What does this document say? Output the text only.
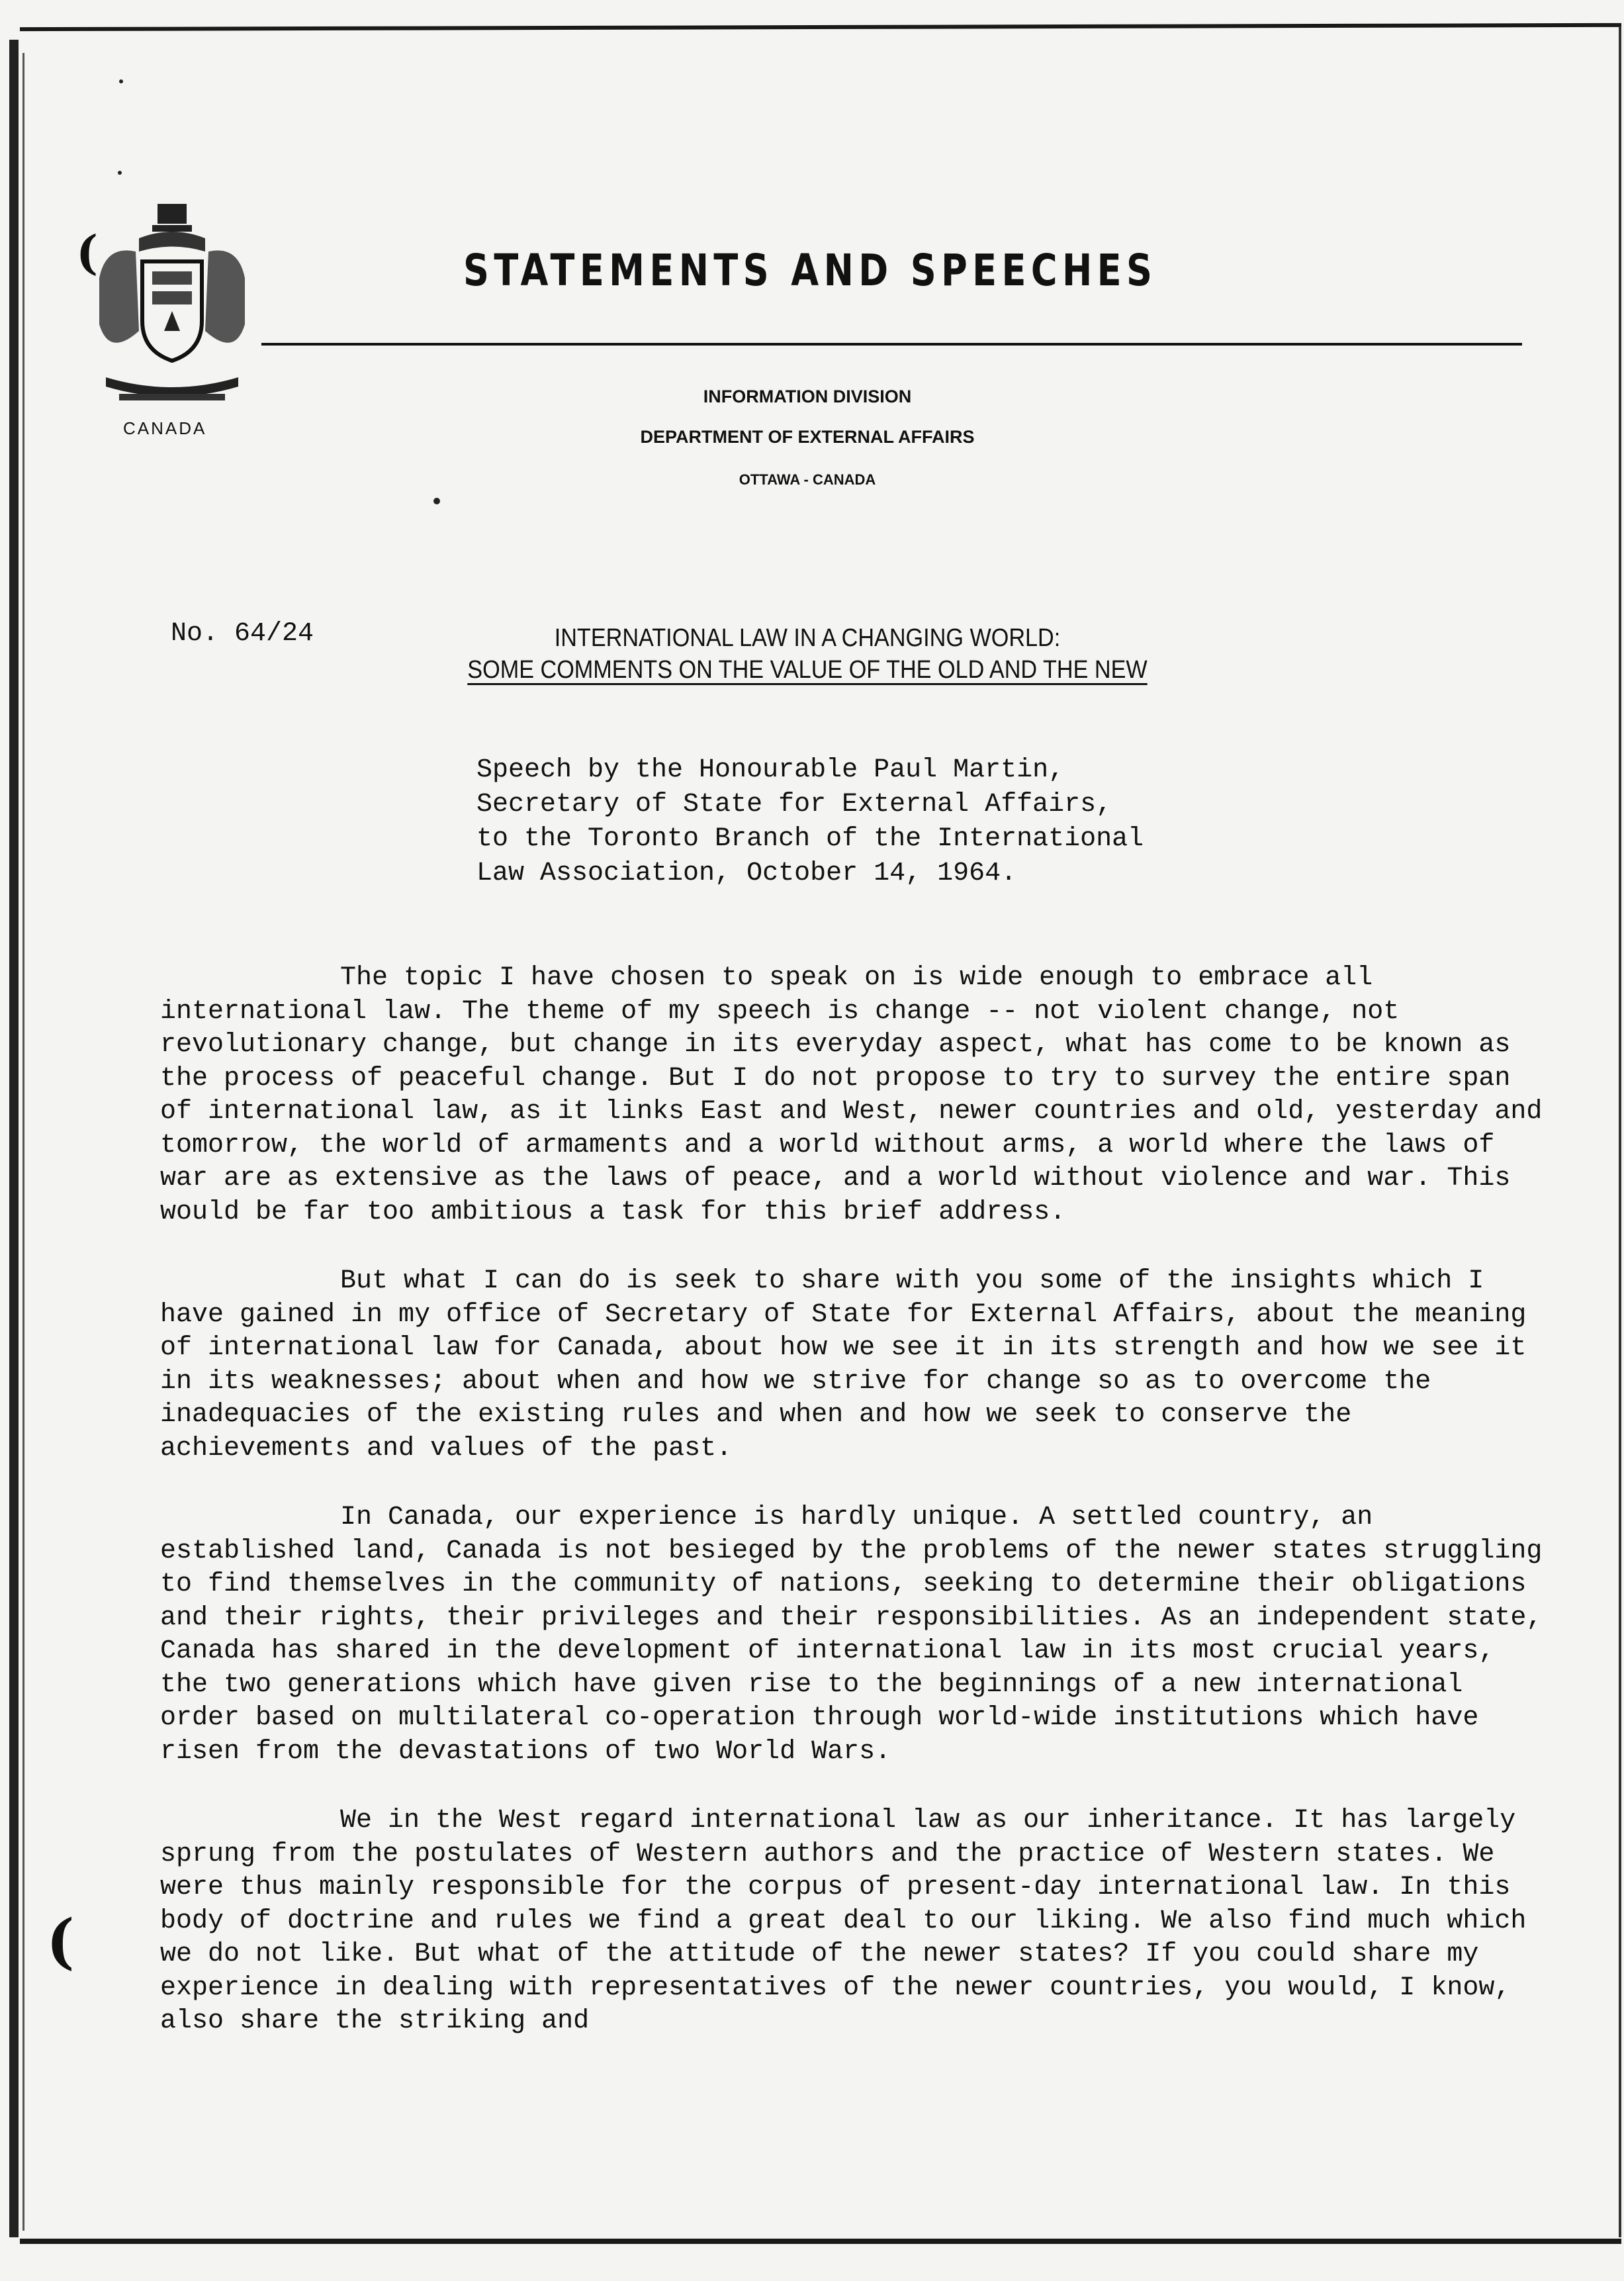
CANADA
STATEMENTS AND SPEECHES
INFORMATION DIVISION
DEPARTMENT OF EXTERNAL AFFAIRS
OTTAWA - CANADA
No. 64/24	INTERNATIONAL LAW IN A CHANGING WORLD:
SOME COMMENTS ON THE VALUE OF THE OLD AND THE NEW
Speech by the Honourable Paul Martin,
Secretary of State for External Affairs,
to the Toronto Branch of the International
Law Association, October 14, 1964.

The topic I have chosen to speak on is wide enough to embrace all international law. The theme of my speech is change -- not violent change, not revolutionary change, but change in its everyday aspect, what has come to be known as the process of peaceful change. But I do not propose to try to survey the entire span of international law, as it links East and West, newer countries and old, yesterday and tomorrow, the world of armaments and a world without arms, a world where the laws of war are as extensive as the laws of peace, and a world without violence and war. This would be far too ambitious a task for this brief address.

But what I can do is seek to share with you some of the insights which I have gained in my office of Secretary of State for External Affairs, about the meaning of international law for Canada, about how we see it in its strength and how we see it in its weaknesses; about when and how we strive for change so as to overcome the inadequacies of the existing rules and when and how we seek to conserve the achievements and values of the past.

In Canada, our experience is hardly unique. A settled country, an established land, Canada is not besieged by the problems of the newer states struggling to find themselves in the community of nations, seeking to determine their obligations and their rights, their privileges and their responsibilities. As an independent state, Canada has shared in the development of international law in its most crucial years, the two generations which have given rise to the beginnings of a new international order based on multilateral co-operation through world-wide institutions which have risen from the devastations of two World Wars.

We in the West regard international law as our inheritance. It has largely sprung from the postulates of Western authors and the practice of Western states. We were thus mainly responsible for the corpus of present-day international law. In this body of doctrine and rules we find a great deal to our liking. We also find much which we do not like. But what of the attitude of the newer states? If you could share my experience in dealing with representatives of the newer countries, you would, I know, also share the striking and

(
(
